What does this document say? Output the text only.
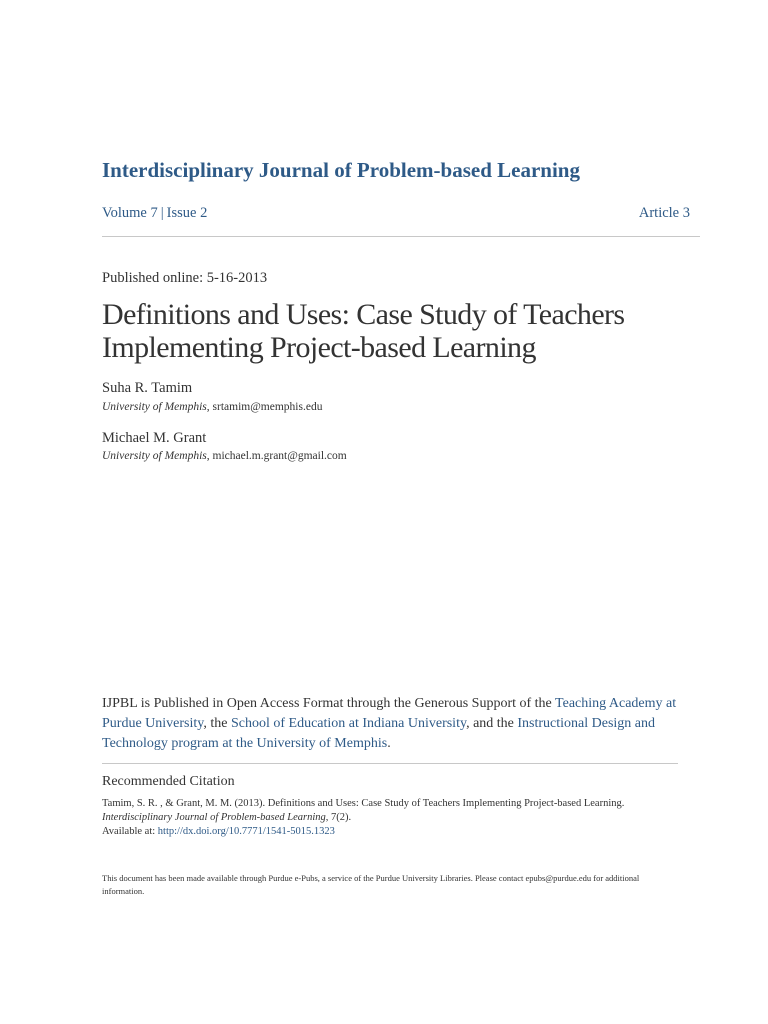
Interdisciplinary Journal of Problem-based Learning
Volume 7 | Issue 2	Article 3
Published online: 5-16-2013
Definitions and Uses: Case Study of Teachers Implementing Project-based Learning
Suha R. Tamim
University of Memphis, srtamim@memphis.edu
Michael M. Grant
University of Memphis, michael.m.grant@gmail.com
IJPBL is Published in Open Access Format through the Generous Support of the Teaching Academy at Purdue University, the School of Education at Indiana University, and the Instructional Design and Technology program at the University of Memphis.
Recommended Citation
Tamim, S. R. , & Grant, M. M. (2013). Definitions and Uses: Case Study of Teachers Implementing Project-based Learning.
Interdisciplinary Journal of Problem-based Learning, 7(2).
Available at: http://dx.doi.org/10.7771/1541-5015.1323
This document has been made available through Purdue e-Pubs, a service of the Purdue University Libraries. Please contact epubs@purdue.edu for additional information.
